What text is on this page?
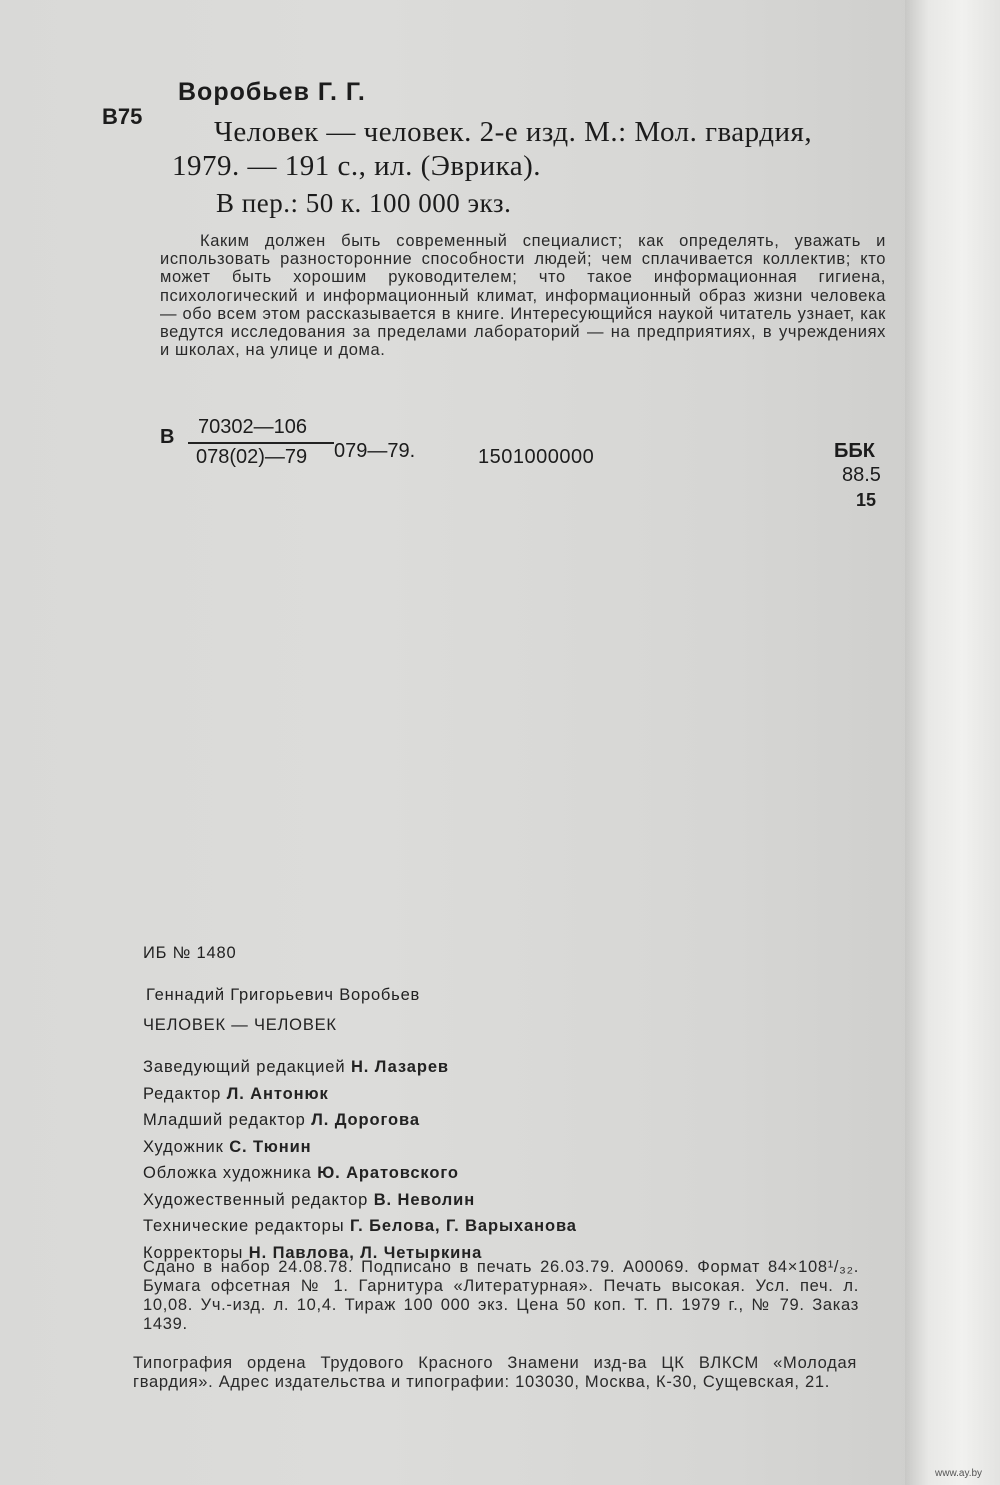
Воробьев Г. Г.
В75 Человек — человек. 2-е изд. М.: Мол. гвардия,
1979. — 191 с., ил. (Эврика).
В пер.: 50 к. 100 000 экз.
Каким должен быть современный специалист; как определять, уважать и использовать разносторонние способности людей; чем сплачивается коллектив; кто может быть хорошим руководителем; что такое информационная гигиена, психологический и информационный климат, информационный образ жизни человека — обо всем этом рассказывается в книге. Интересующийся наукой читатель узнает, как ведутся исследования за пределами лабораторий — на предприятиях, в учреждениях и школах, на улице и дома.
В 70302—106
078(02)—79 079—79.	1501000000	ББК
88.5
15
ИБ № 1480
Геннадий Григорьевич Воробьев
ЧЕЛОВЕК — ЧЕЛОВЕК
Заведующий редакцией Н. Лазарев
Редактор Л. Антонюк
Младший редактор Л. Дорогова
Художник С. Тюнин
Обложка художника Ю. Аратовского
Художественный редактор В. Неволин
Технические редакторы Г. Белова, Г. Варыханова
Корректоры Н. Павлова, Л. Четыркина
Сдано в набор 24.08.78. Подписано в печать 26.03.79. А00069. Формат 84×108¹/₃₂. Бумага офсетная № 1. Гарнитура «Литературная». Печать высокая. Усл. печ. л. 10,08. Уч.-изд. л. 10,4. Тираж 100 000 экз. Цена 50 коп. Т. П. 1979 г., № 79. Заказ 1439.
Типография ордена Трудового Красного Знамени изд-ва ЦК ВЛКСМ «Молодая гвардия». Адрес издательства и типографии: 103030, Москва, К-30, Сущевская, 21.
www.ay.by
